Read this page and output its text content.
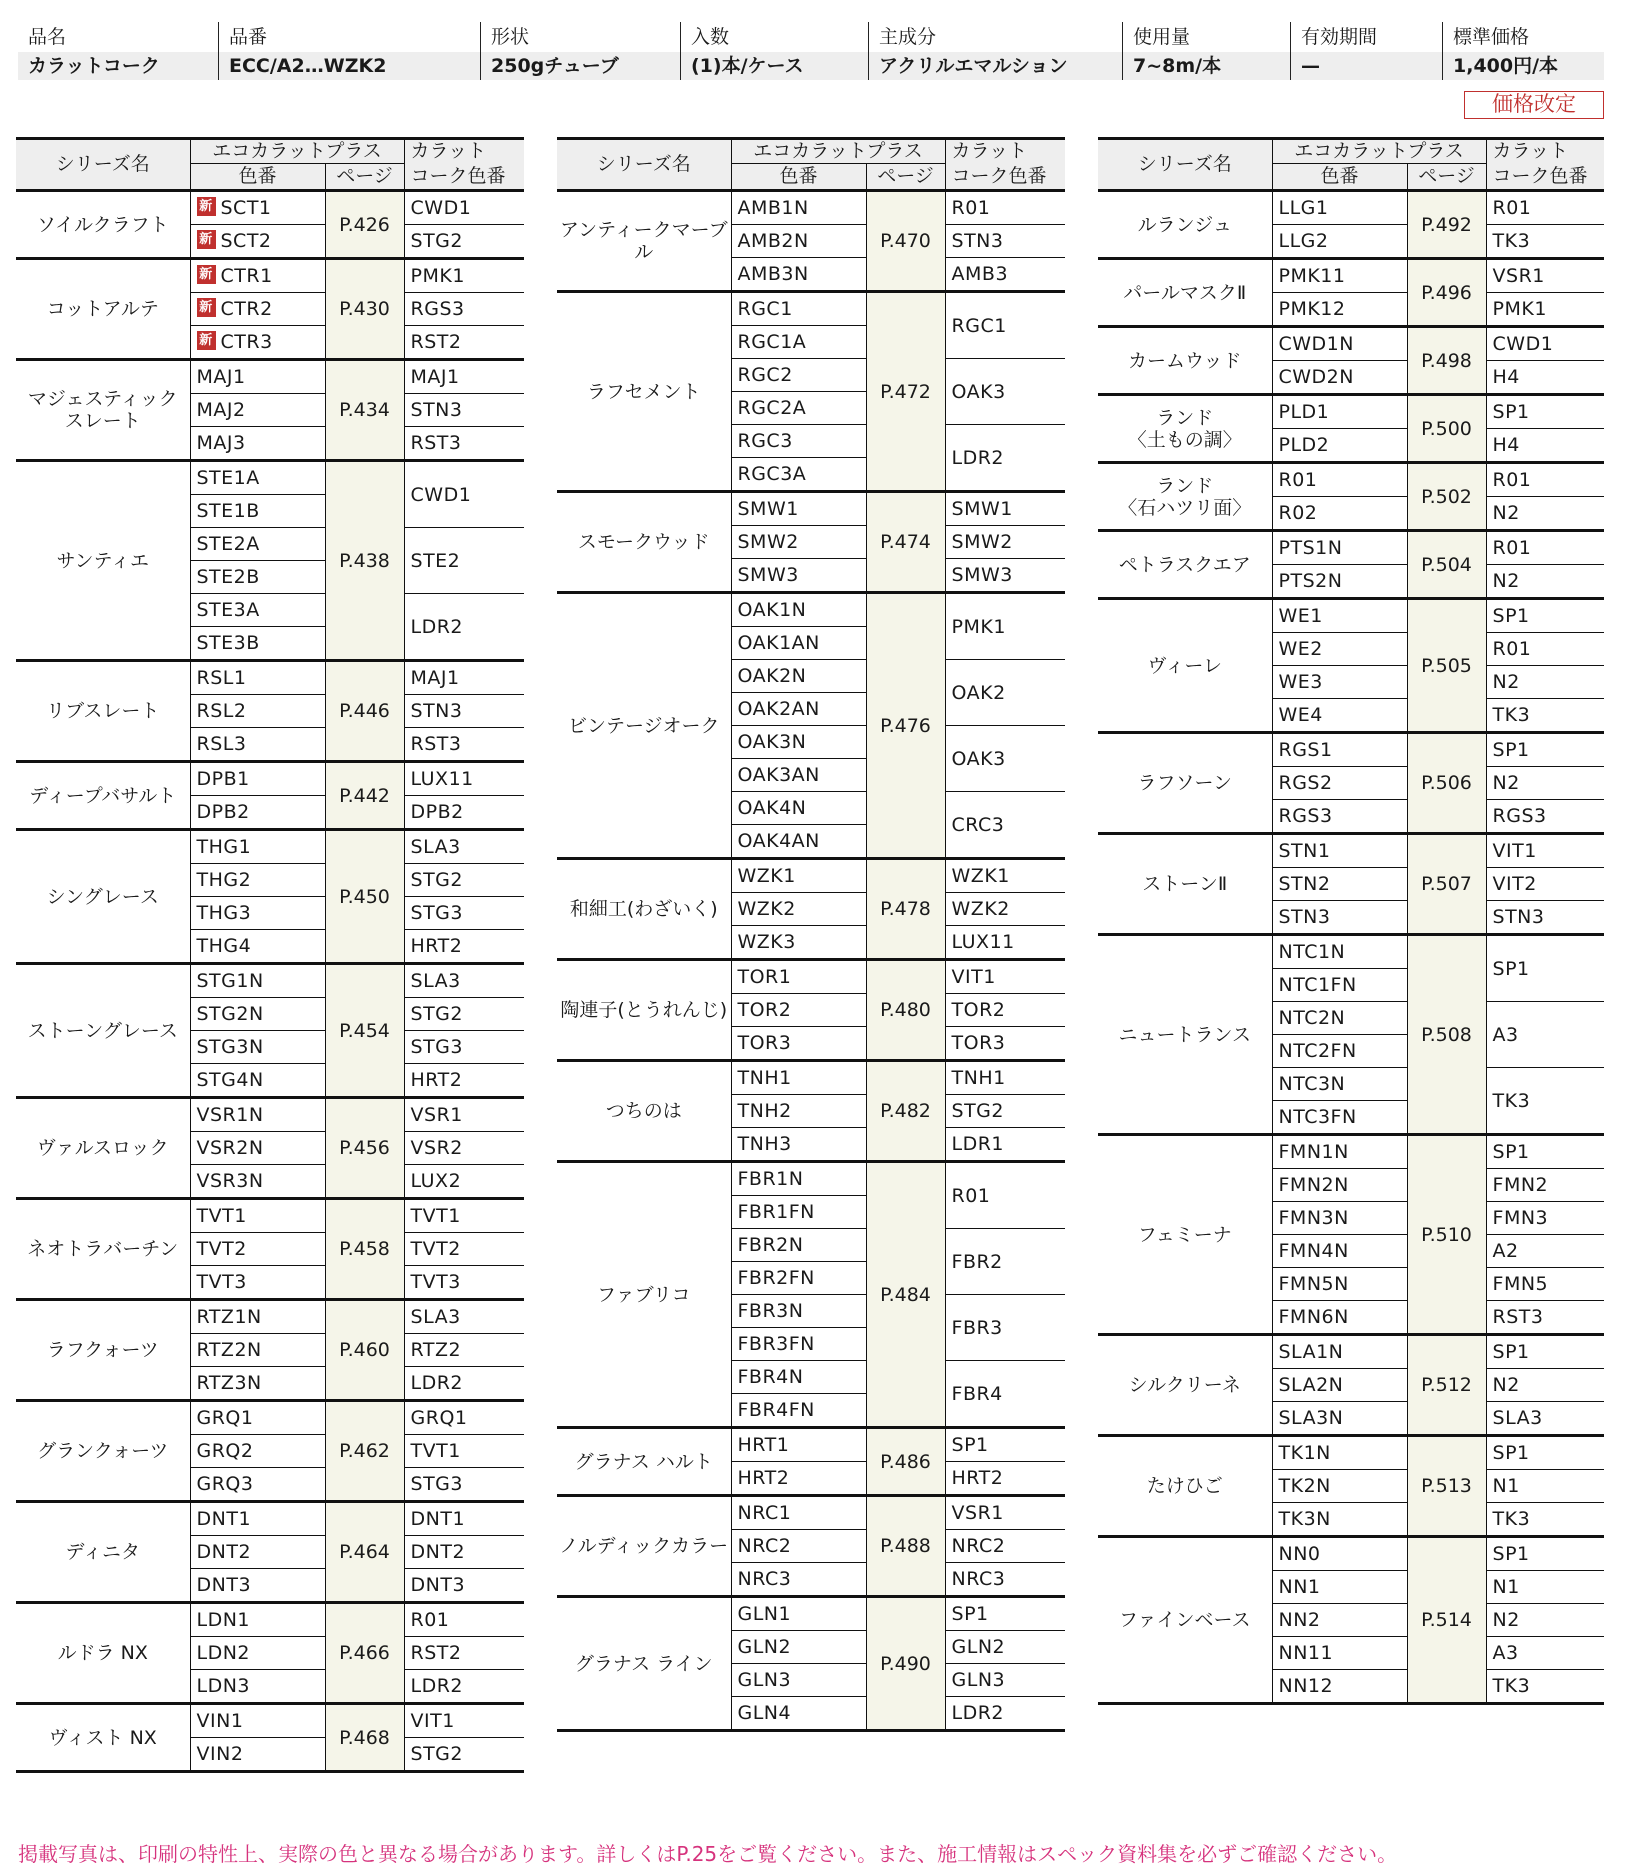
品名	品番	形状	入数	主成分	使用量	有効期間	標準価格
カラットコーク	ECC/A2…WZK2	250gチューブ	(1)本/ケース	アクリルエマルション	7~8m/本	—	1,400円/本
価格改定
シリーズ名	エコカラットプラス		カラット
	色番	ページ	コーク色番
ソイルクラフト	新 SCT1	P.426	CWD1
	新 SCT2		STG2
コットアルテ	新 CTR1	P.430	PMK1
	新 CTR2		RGS3
	新 CTR3		RST2
マジェスティック
スレート	MAJ1	P.434	MAJ1
	MAJ2		STN3
	MAJ3		RST3
サンティエ	STE1A	P.438	CWD1
	STE1B		
	STE2A		STE2
	STE2B		
	STE3A		LDR2
	STE3B		
リブスレート	RSL1	P.446	MAJ1
	RSL2		STN3
	RSL3		RST3
ディープバサルト	DPB1	P.442	LUX11
	DPB2		DPB2
シングレース	THG1	P.450	SLA3
	THG2		STG2
	THG3		STG3
	THG4		HRT2
ストーングレース	STG1N	P.454	SLA3
	STG2N		STG2
	STG3N		STG3
	STG4N		HRT2
ヴァルスロック	VSR1N	P.456	VSR1
	VSR2N		VSR2
	VSR3N		LUX2
ネオトラバーチン	TVT1	P.458	TVT1
	TVT2		TVT2
	TVT3		TVT3
ラフクォーツ	RTZ1N	P.460	SLA3
	RTZ2N		RTZ2
	RTZ3N		LDR2
グランクォーツ	GRQ1	P.462	GRQ1
	GRQ2		TVT1
	GRQ3		STG3
ディニタ	DNT1	P.464	DNT1
	DNT2		DNT2
	DNT3		DNT3
ルドラ NX	LDN1	P.466	R01
	LDN2		RST2
	LDN3		LDR2
ヴィスト NX	VIN1	P.468	VIT1
	VIN2		STG2
シリーズ名	エコカラットプラス		カラット
	色番	ページ	コーク色番
アンティークマーブル	AMB1N	P.470	R01
	AMB2N		STN3
	AMB3N		AMB3
ラフセメント	RGC1	P.472	RGC1
	RGC1A		
	RGC2		OAK3
	RGC2A		
	RGC3		LDR2
	RGC3A		
スモークウッド	SMW1	P.474	SMW1
	SMW2		SMW2
	SMW3		SMW3
ビンテージオーク	OAK1N	P.476	PMK1
	OAK1AN		
	OAK2N		OAK2
	OAK2AN		
	OAK3N		OAK3
	OAK3AN		
	OAK4N		CRC3
	OAK4AN		
和細工(わざいく)	WZK1	P.478	WZK1
	WZK2		WZK2
	WZK3		LUX11
陶連子(とうれんじ)	TOR1	P.480	VIT1
	TOR2		TOR2
	TOR3		TOR3
つちのは	TNH1	P.482	TNH1
	TNH2		STG2
	TNH3		LDR1
ファブリコ	FBR1N	P.484	R01
	FBR1FN		
	FBR2N		FBR2
	FBR2FN		
	FBR3N		FBR3
	FBR3FN		
	FBR4N		FBR4
	FBR4FN		
グラナス ハルト	HRT1	P.486	SP1
	HRT2		HRT2
ノルディックカラー	NRC1	P.488	VSR1
	NRC2		NRC2
	NRC3		NRC3
グラナス ライン	GLN1	P.490	SP1
	GLN2		GLN2
	GLN3		GLN3
	GLN4		LDR2
シリーズ名	エコカラットプラス		カラット
	色番	ページ	コーク色番
ルランジュ	LLG1	P.492	R01
	LLG2		TK3
パールマスクⅡ	PMK11	P.496	VSR1
	PMK12		PMK1
カームウッド	CWD1N	P.498	CWD1
	CWD2N		H4
ランド
〈土もの調〉	PLD1	P.500	SP1
	PLD2		H4
ランド
〈石ハツリ面〉	R01	P.502	R01
	R02		N2
ペトラスクエア	PTS1N	P.504	R01
	PTS2N		N2
ヴィーレ	WE1	P.505	SP1
	WE2		R01
	WE3		N2
	WE4		TK3
ラフソーン	RGS1	P.506	SP1
	RGS2		N2
	RGS3		RGS3
ストーンⅡ	STN1	P.507	VIT1
	STN2		VIT2
	STN3		STN3
ニュートランス	NTC1N	P.508	SP1
	NTC1FN		
	NTC2N		A3
	NTC2FN		
	NTC3N		TK3
	NTC3FN		
フェミーナ	FMN1N	P.510	SP1
	FMN2N		FMN2
	FMN3N		FMN3
	FMN4N		A2
	FMN5N		FMN5
	FMN6N		RST3
シルクリーネ	SLA1N	P.512	SP1
	SLA2N		N2
	SLA3N		SLA3
たけひご	TK1N	P.513	SP1
	TK2N		N1
	TK3N		TK3
ファインベース	NN0	P.514	SP1
	NN1		N1
	NN2		N2
	NN11		A3
	NN12		TK3
掲載写真は、印刷の特性上、実際の色と異なる場合があります。詳しくはP.25をご覧ください。また、施工情報はスペック資料集を必ずご確認ください。
